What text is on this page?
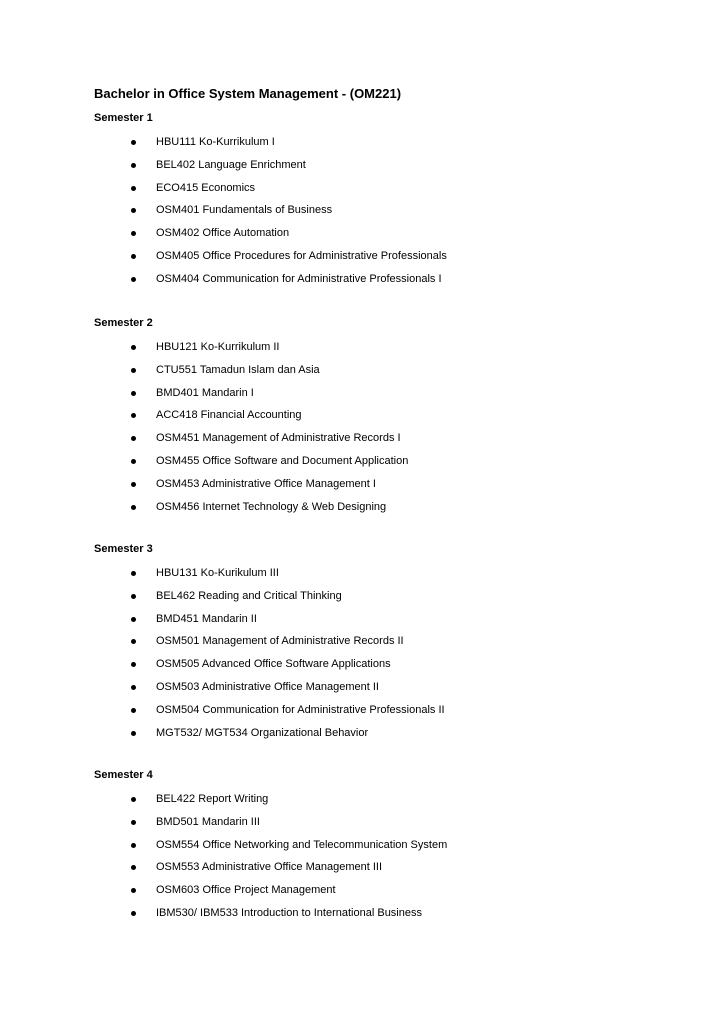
Bachelor in Office System Management - (OM221)
Semester 1
HBU111 Ko-Kurrikulum I
BEL402 Language Enrichment
ECO415 Economics
OSM401 Fundamentals of Business
OSM402 Office Automation
OSM405 Office Procedures for Administrative Professionals
OSM404 Communication for Administrative Professionals I
Semester 2
HBU121 Ko-Kurrikulum II
CTU551 Tamadun Islam dan Asia
BMD401 Mandarin I
ACC418 Financial Accounting
OSM451 Management of Administrative Records I
OSM455 Office Software and Document Application
OSM453 Administrative Office Management I
OSM456 Internet Technology & Web Designing
Semester 3
HBU131 Ko-Kurikulum III
BEL462 Reading and Critical Thinking
BMD451 Mandarin II
OSM501 Management of Administrative Records II
OSM505 Advanced Office Software Applications
OSM503 Administrative Office Management II
OSM504 Communication for Administrative Professionals II
MGT532/ MGT534 Organizational Behavior
Semester 4
BEL422 Report Writing
BMD501 Mandarin III
OSM554 Office Networking and Telecommunication System
OSM553 Administrative Office Management III
OSM603 Office Project Management
IBM530/ IBM533 Introduction to International Business
